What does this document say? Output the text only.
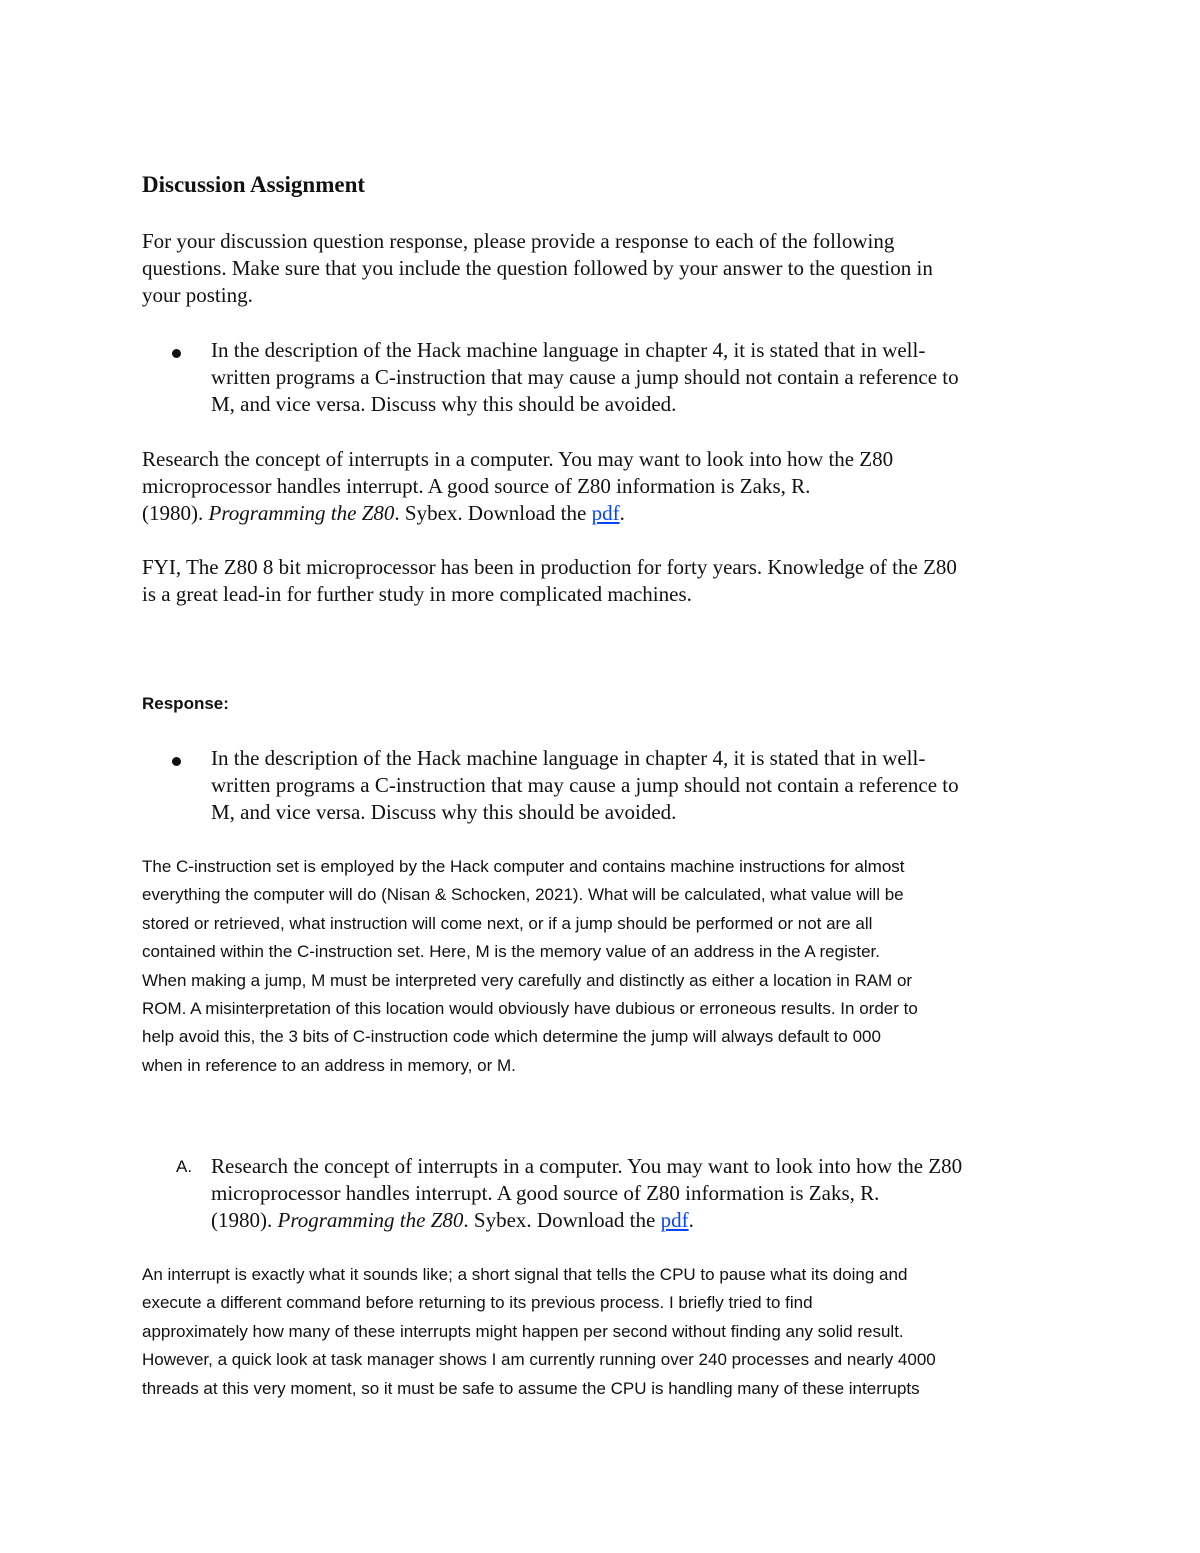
Discussion Assignment

For your discussion question response, please provide a response to each of the following

questions. Make sure that you include the question followed by your answer to the question in

your posting.

In the description of the Hack machine language in chapter 4, it is stated that in well-

written programs a C-instruction that may cause a jump should not contain a reference to

M, and vice versa. Discuss why this should be avoided.

Research the concept of interrupts in a computer. You may want to look into how the Z80

microprocessor handles interrupt. A good source of Z80 information is Zaks, R.

(1980). Programming the Z80. Sybex. Download the pdf.

FYI, The Z80 8 bit microprocessor has been in production for forty years. Knowledge of the Z80

is a great lead-in for further study in more complicated machines.

Response:

In the description of the Hack machine language in chapter 4, it is stated that in well-

written programs a C-instruction that may cause a jump should not contain a reference to

M, and vice versa. Discuss why this should be avoided.

The C-instruction set is employed by the Hack computer and contains machine instructions for almost

everything the computer will do (Nisan & Schocken, 2021). What will be calculated, what value will be

stored or retrieved, what instruction will come next, or if a jump should be performed or not are all

contained within the C-instruction set. Here, M is the memory value of an address in the A register.

When making a jump, M must be interpreted very carefully and distinctly as either a location in RAM or

ROM. A misinterpretation of this location would obviously have dubious or erroneous results. In order to

help avoid this, the 3 bits of C-instruction code which determine the jump will always default to 000

when in reference to an address in memory, or M.

A. Research the concept of interrupts in a computer. You may want to look into how the Z80

microprocessor handles interrupt. A good source of Z80 information is Zaks, R.

(1980). Programming the Z80. Sybex. Download the pdf.

An interrupt is exactly what it sounds like; a short signal that tells the CPU to pause what its doing and

execute a different command before returning to its previous process. I briefly tried to find

approximately how many of these interrupts might happen per second without finding any solid result.

However, a quick look at task manager shows I am currently running over 240 processes and nearly 4000

threads at this very moment, so it must be safe to assume the CPU is handling many of these interrupts
